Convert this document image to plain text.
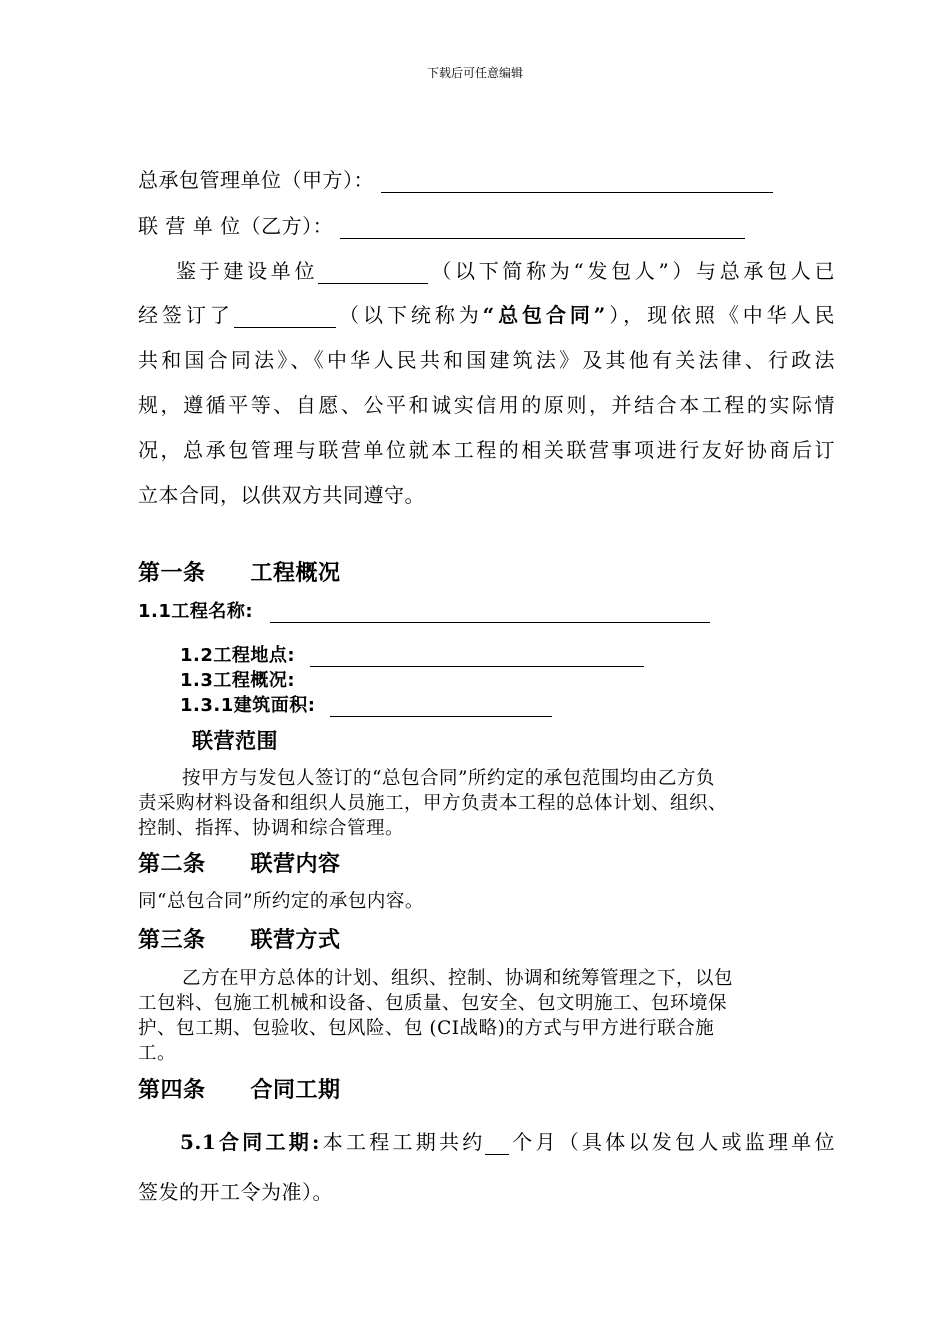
下载后可任意编辑
总承包管理单位（甲方）：
联 营 单 位（乙方）：
鉴于建设单位	（以下简称为“发包人”）与总承包人已
经签订了	（以下统称为“总包合同”），现依照《中华人民
共和国合同法》、《中华人民共和国建筑法》及其他有关法律、行政法
规，遵循平等、自愿、公平和诚实信用的原则，并结合本工程的实际情
况，总承包管理与联营单位就本工程的相关联营事项进行友好协商后订
立本合同，以供双方共同遵守。
第一条　　工程概况
1.1工程名称:
1.2工程地点:
1.3工程概况:
1.3.1建筑面积:
联营范围
按甲方与发包人签订的“总包合同”所约定的承包范围均由乙方负
责采购材料设备和组织人员施工，甲方负责本工程的总体计划、组织、
控制、指挥、协调和综合管理。
第二条　　联营内容
同“总包合同”所约定的承包内容。
第三条　　联营方式
乙方在甲方总体的计划、组织、控制、协调和统筹管理之下，以包
工包料、包施工机械和设备、包质量、包安全、包文明施工、包环境保
护、包工期、包验收、包风险、包 (CI战略)的方式与甲方进行联合施
工。
第四条　　合同工期
5.1合同工期:本工程工期共约 个月（具体以发包人或监理单位
签发的开工令为准）。
